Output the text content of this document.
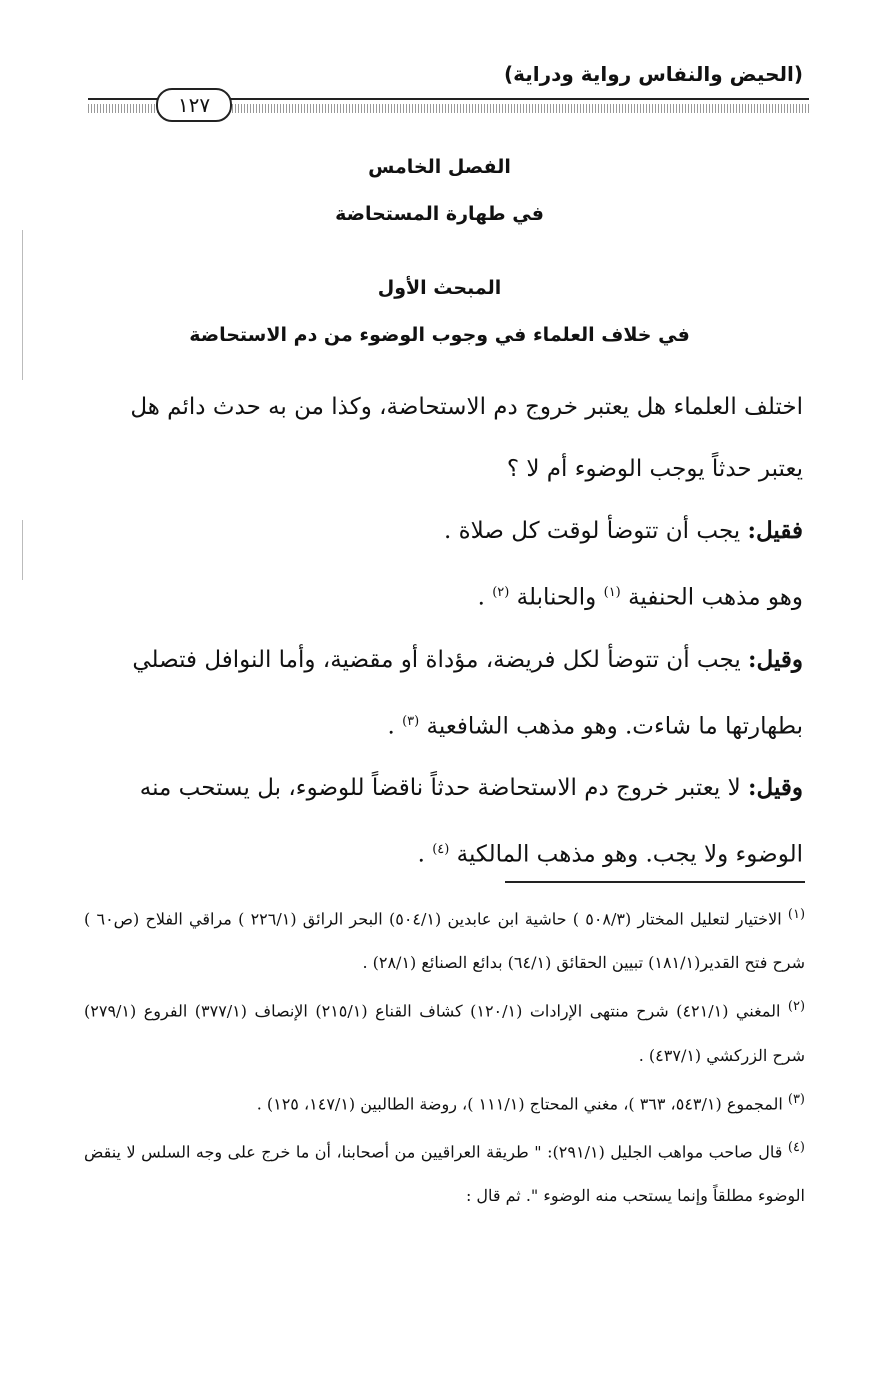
(الحيض والنفاس رواية ودراية)
١٢٧
الفصل الخامس
في طهارة المستحاضة
المبحث الأول
في خلاف العلماء في وجوب الوضوء من دم الاستحاضة

اختلف العلماء هل يعتبر خروج دم الاستحاضة، وكذا من به حدث دائم هل يعتبر حدثاً يوجب الوضوء أم لا ؟

فقيل: يجب أن تتوضأ لوقت كل صلاة .

وهو مذهب الحنفية $^{(١)}$ والحنابلة $^{(٢)}$ .

وقيل: يجب أن تتوضأ لكل فريضة، مؤداة أو مقضية، وأما النوافل فتصلي بطهارتها ما شاءت. وهو مذهب الشافعية $^{(٣)}$ .

وقيل: لا يعتبر خروج دم الاستحاضة حدثاً ناقضاً للوضوء، بل يستحب منه الوضوء ولا يجب. وهو مذهب المالكية $^{(٤)}$ .

$^{(١)}$ الاختيار لتعليل المختار (٥٠٨/٣ ) حاشية ابن عابدين (٥٠٤/١) البحر الرائق (٢٢٦/١ ) مراقي الفلاح (ص٦٠ ) شرح فتح القدير(١٨١/١) تبيين الحقائق (٦٤/١) بدائع الصنائع (٢٨/١) .

$^{(٢)}$ المغني (٤٢١/١) شرح منتهى الإرادات (١٢٠/١) كشاف القناع (٢١٥/١) الإنصاف (٣٧٧/١) الفروع (٢٧٩/١) شرح الزركشي (٤٣٧/١) .

$^{(٣)}$ المجموع (٥٤٣/١، ٣٦٣ )، مغني المحتاج (١١١/١ )، روضة الطالبين (١٤٧/١، ١٢٥) .

$^{(٤)}$ قال صاحب مواهب الجليل (٢٩١/١): " طريقة العراقيين من أصحابنا، أن ما خرج على وجه السلس لا ينقض الوضوء مطلقاً وإنما يستحب منه الوضوء ". ثم قال :
